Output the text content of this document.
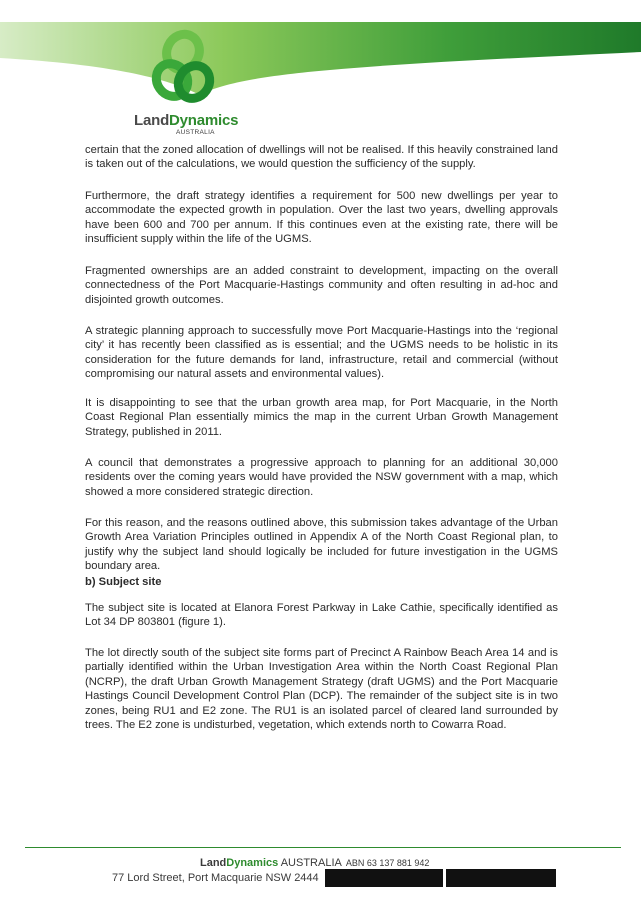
LandDynamics
AUSTRALIA

certain that the zoned allocation of dwellings will not be realised. If this heavily constrained land is taken out of the calculations, we would question the sufficiency of the supply.

Furthermore, the draft strategy identifies a requirement for 500 new dwellings per year to accommodate the expected growth in population. Over the last two years, dwelling approvals have been 600 and 700 per annum. If this continues even at the existing rate, there will be insufficient supply within the life of the UGMS.

Fragmented ownerships are an added constraint to development, impacting on the overall connectedness of the Port Macquarie-Hastings community and often resulting in ad-hoc and disjointed growth outcomes.

A strategic planning approach to successfully move Port Macquarie-Hastings into the ‘regional city’ it has recently been classified as is essential; and the UGMS needs to be holistic in its consideration for the future demands for land, infrastructure, retail and commercial (without compromising our natural assets and environmental values).

It is disappointing to see that the urban growth area map, for Port Macquarie, in the North Coast Regional Plan essentially mimics the map in the current Urban Growth Management Strategy, published in 2011.

A council that demonstrates a progressive approach to planning for an additional 30,000 residents over the coming years would have provided the NSW government with a map, which showed a more considered strategic direction.

For this reason, and the reasons outlined above, this submission takes advantage of the Urban Growth Area Variation Principles outlined in Appendix A of the North Coast Regional plan, to justify why the subject land should logically be included for future investigation in the UGMS boundary area.

b) Subject site

The subject site is located at Elanora Forest Parkway in Lake Cathie, specifically identified as Lot 34 DP 803801 (figure 1).

The lot directly south of the subject site forms part of Precinct A Rainbow Beach Area 14 and is partially identified within the Urban Investigation Area within the North Coast Regional Plan (NCRP), the draft Urban Growth Management Strategy (draft UGMS) and the Port Macquarie Hastings Council Development Control Plan (DCP). The remainder of the subject site is in two zones, being RU1 and E2 zone. The RU1 is an isolated parcel of cleared land surrounded by trees. The E2 zone is undisturbed, vegetation, which extends north to Cowarra Road.

LandDynamics AUSTRALIA ABN 63 137 881 942
77 Lord Street, Port Macquarie NSW 2444
